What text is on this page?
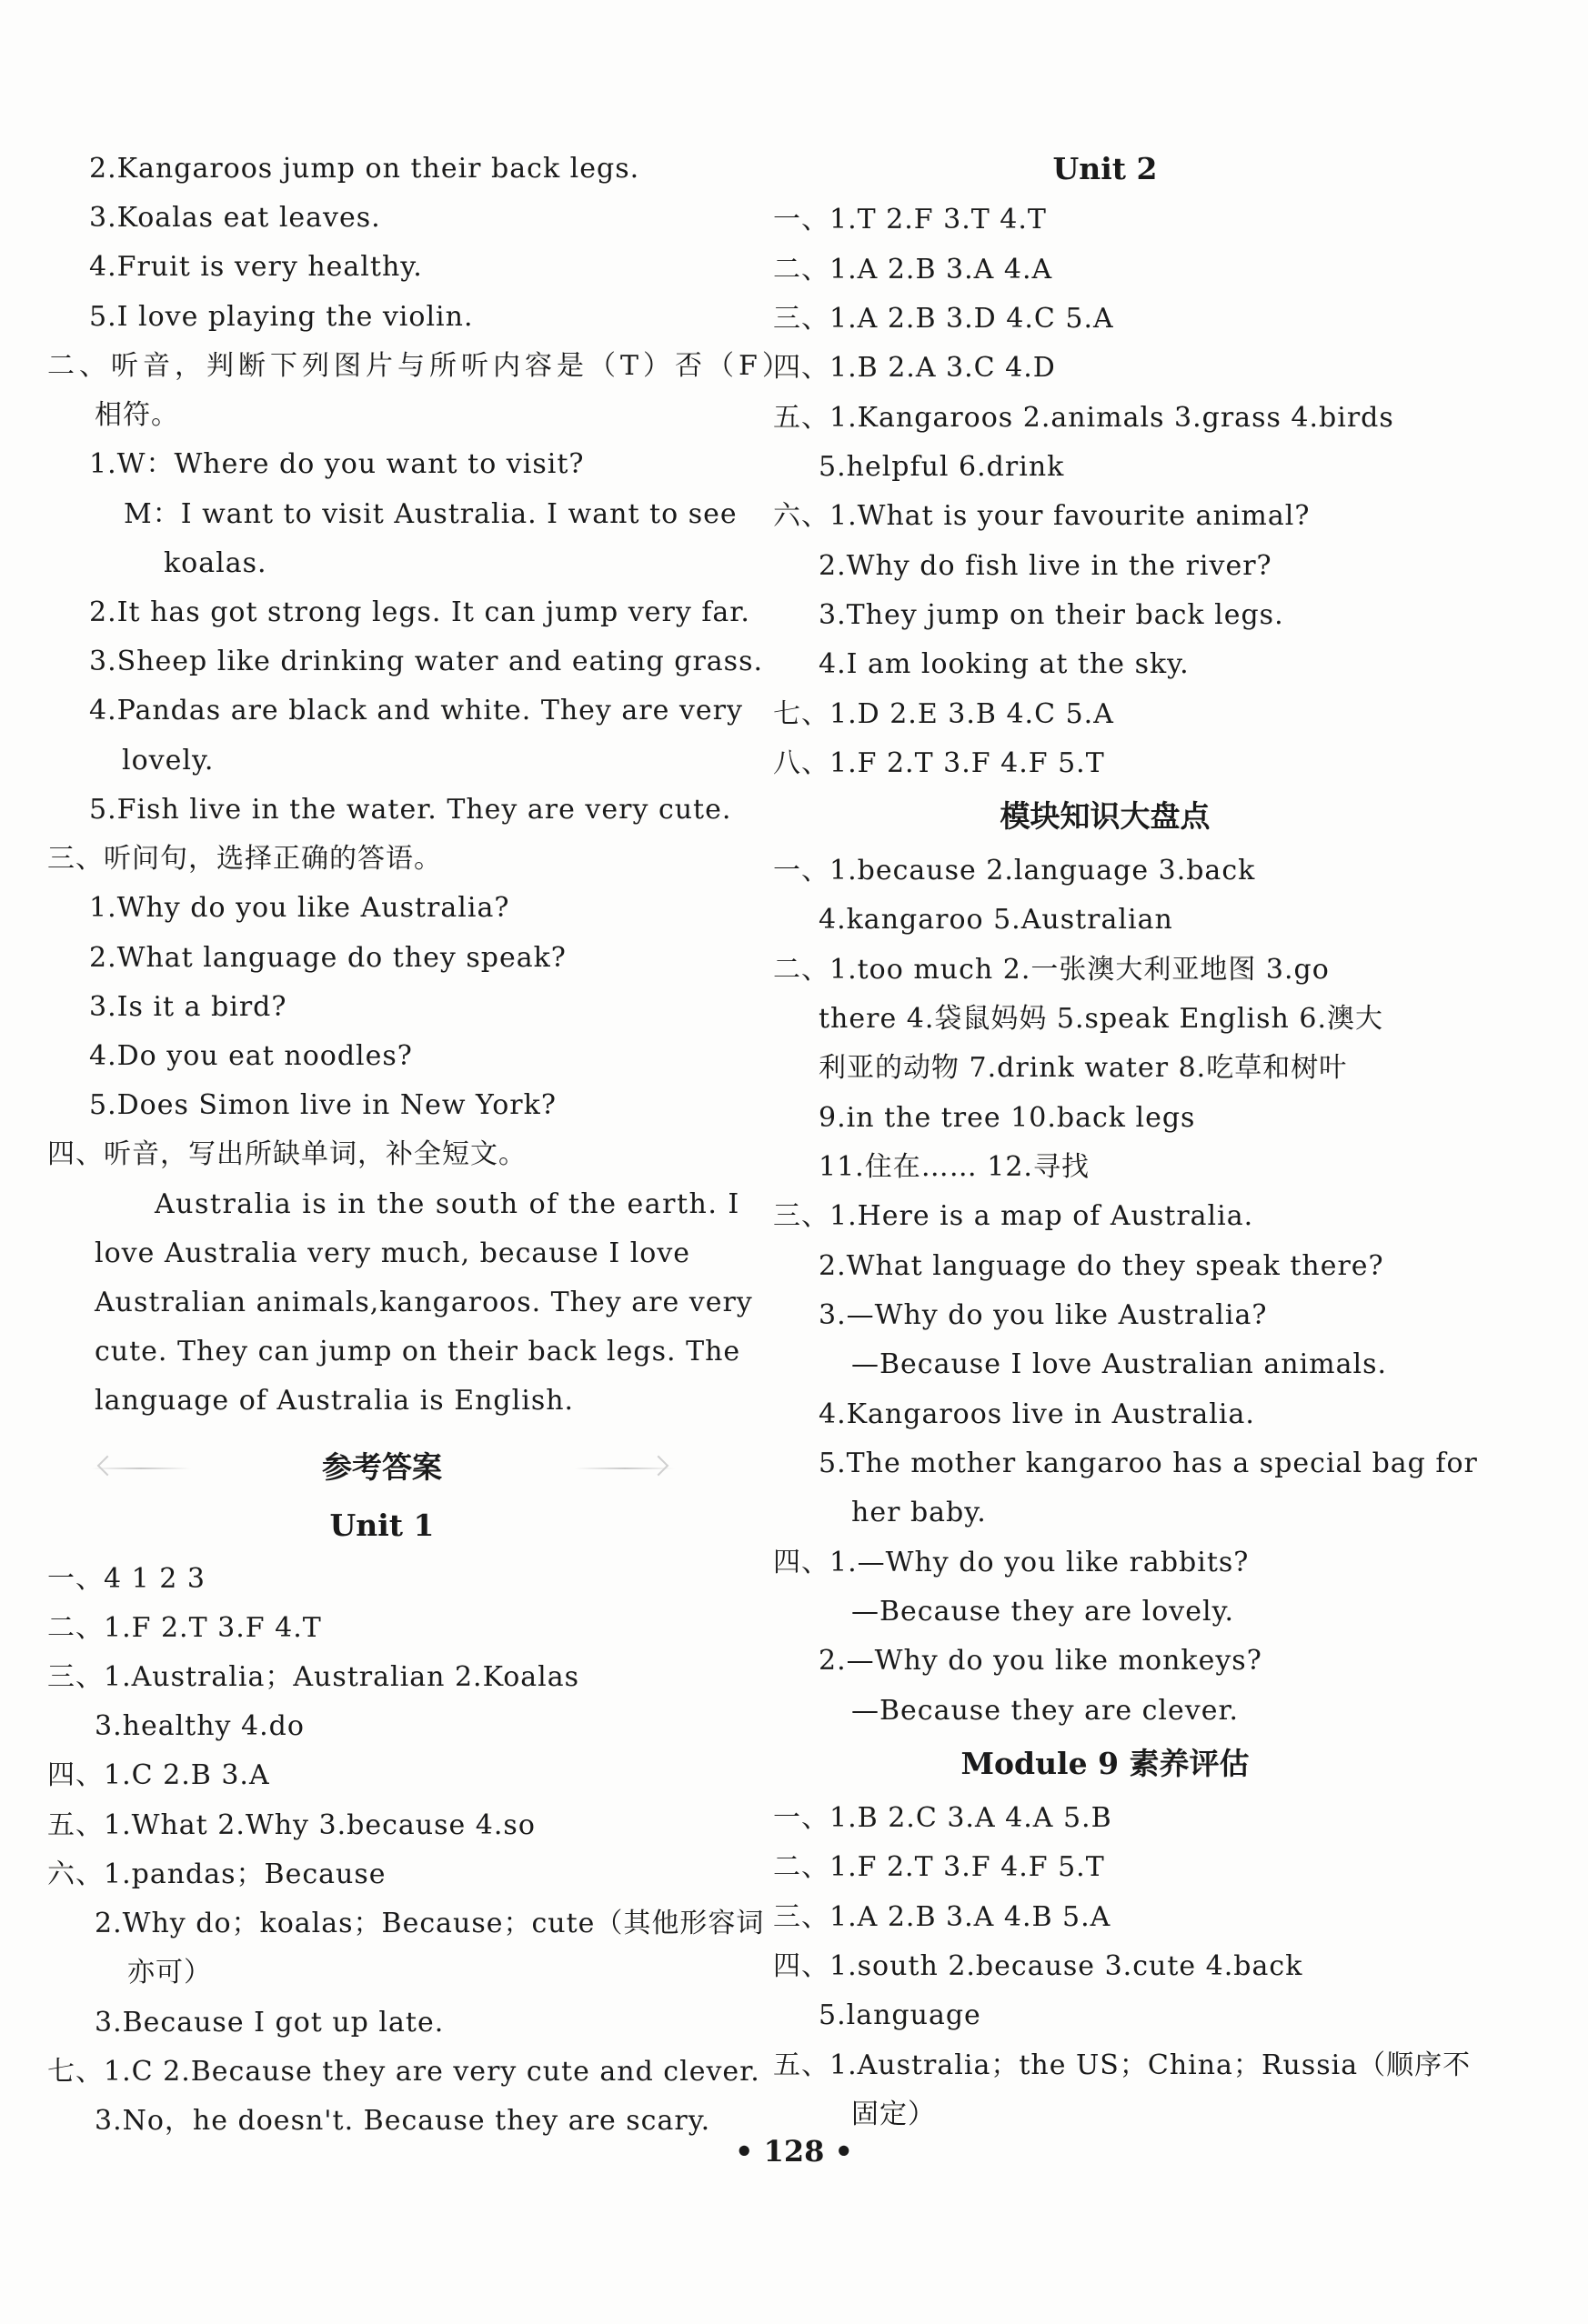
2.Kangaroos jump on their back legs.
3.Koalas eat leaves.
4.Fruit is very healthy.
5.I love playing the violin.
二、听音，判断下列图片与所听内容是（T）否（F）
相符。
1.W：Where do you want to visit?
M：I want to visit Australia. I want to see
koalas.
2.It has got strong legs. It can jump very far.
3.Sheep like drinking water and eating grass.
4.Pandas are black and white. They are very
lovely.
5.Fish live in the water. They are very cute.
三、听问句，选择正确的答语。
1.Why do you like Australia?
2.What language do they speak?
3.Is it a bird?
4.Do you eat noodles?
5.Does Simon live in New York?
四、听音，写出所缺单词，补全短文。
Australia is in the south of the earth. I
love Australia very much, because I love
Australian animals,kangaroos. They are very
cute. They can jump on their back legs. The
language of Australia is English.
参考答案
Unit 1
一、4 1 2 3
二、1.F 2.T 3.F 4.T
三、1.Australia；Australian 2.Koalas
3.healthy 4.do
四、1.C 2.B 3.A
五、1.What 2.Why 3.because 4.so
六、1.pandas；Because
2.Why do；koalas；Because；cute（其他形容词
亦可）
3.Because I got up late.
七、1.C 2.Because they are very cute and clever.
3.No，he doesn't. Because they are scary.
Unit 2
一、1.T 2.F 3.T 4.T
二、1.A 2.B 3.A 4.A
三、1.A 2.B 3.D 4.C 5.A
四、1.B 2.A 3.C 4.D
五、1.Kangaroos 2.animals 3.grass 4.birds
5.helpful 6.drink
六、1.What is your favourite animal?
2.Why do fish live in the river?
3.They jump on their back legs.
4.I am looking at the sky.
七、1.D 2.E 3.B 4.C 5.A
八、1.F 2.T 3.F 4.F 5.T
模块知识大盘点
一、1.because 2.language 3.back
4.kangaroo 5.Australian
二、1.too much 2.一张澳大利亚地图 3.go
there 4.袋鼠妈妈 5.speak English 6.澳大
利亚的动物 7.drink water 8.吃草和树叶
9.in the tree 10.back legs
11.住在…… 12.寻找
三、1.Here is a map of Australia.
2.What language do they speak there?
3.—Why do you like Australia?
—Because I love Australian animals.
4.Kangaroos live in Australia.
5.The mother kangaroo has a special bag for
her baby.
四、1.—Why do you like rabbits?
—Because they are lovely.
2.—Why do you like monkeys?
—Because they are clever.
Module 9 素养评估
一、1.B 2.C 3.A 4.A 5.B
二、1.F 2.T 3.F 4.F 5.T
三、1.A 2.B 3.A 4.B 5.A
四、1.south 2.because 3.cute 4.back
5.language
五、1.Australia；the US；China；Russia（顺序不
固定）
• 128 •
